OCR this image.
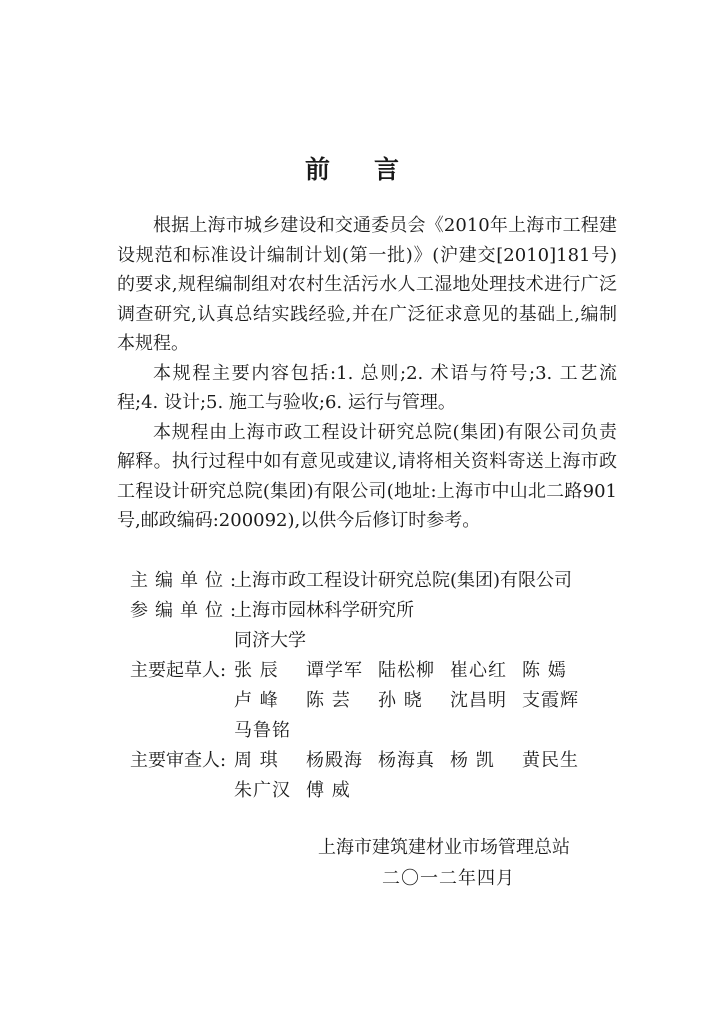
前 言

根据上海市城乡建设和交通委员会《2010年上海市工程建设规范和标准设计编制计划(第一批)》(沪建交[2010]181号)的要求,规程编制组对农村生活污水人工湿地处理技术进行广泛调查研究,认真总结实践经验,并在广泛征求意见的基础上,编制本规程。

本规程主要内容包括:1. 总则;2. 术语与符号;3. 工艺流程;4. 设计;5. 施工与验收;6. 运行与管理。

本规程由上海市政工程设计研究总院(集团)有限公司负责解释。执行过程中如有意见或建议,请将相关资料寄送上海市政工程设计研究总院(集团)有限公司(地址:上海市中山北二路901号,邮政编码:200092),以供今后修订时参考。

主编单位:
上海市政工程设计研究总院(集团)有限公司
参编单位:
上海市园林科学研究所
同济大学
主要起草人: 张 辰	谭学军 陆松柳 崔心红 陈 嫣
卢 峰	陈 芸	孙 晓	沈昌明 支霞辉
马鲁铭
主要审查人: 周 琪	杨殿海 杨海真 杨 凯	黄民生
朱广汉 傅 威
上海市建筑建材业市场管理总站
二〇一二年四月
